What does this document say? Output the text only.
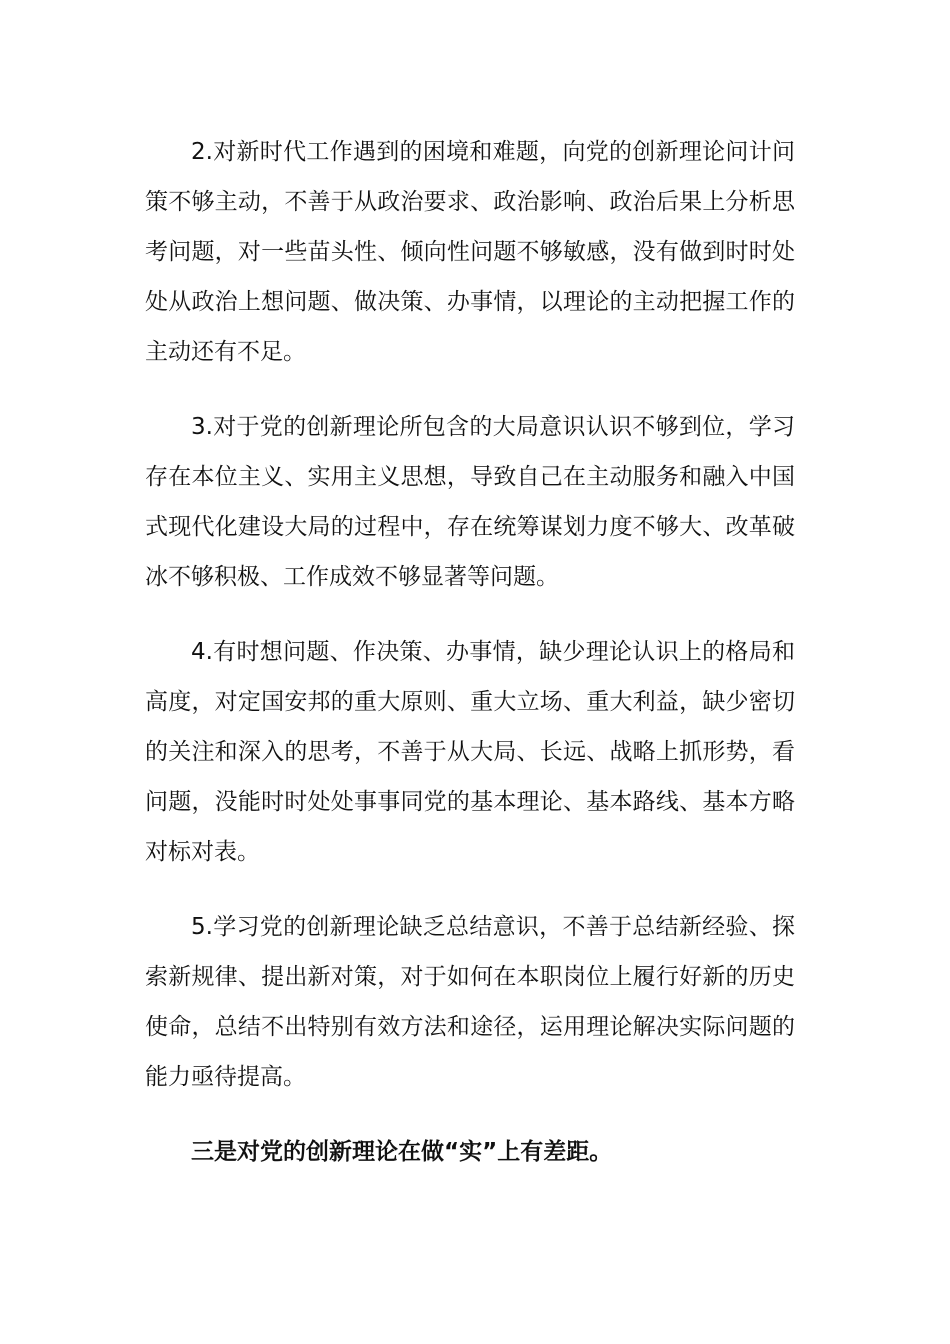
2.对新时代工作遇到的困境和难题，向党的创新理论问计问策不够主动，不善于从政治要求、政治影响、政治后果上分析思考问题，对一些苗头性、倾向性问题不够敏感，没有做到时时处处从政治上想问题、做决策、办事情，以理论的主动把握工作的主动还有不足。

3.对于党的创新理论所包含的大局意识认识不够到位，学习存在本位主义、实用主义思想，导致自己在主动服务和融入中国式现代化建设大局的过程中，存在统筹谋划力度不够大、改革破冰不够积极、工作成效不够显著等问题。

4.有时想问题、作决策、办事情，缺少理论认识上的格局和高度，对定国安邦的重大原则、重大立场、重大利益，缺少密切的关注和深入的思考，不善于从大局、长远、战略上抓形势，看问题，没能时时处处事事同党的基本理论、基本路线、基本方略对标对表。

5.学习党的创新理论缺乏总结意识，不善于总结新经验、探索新规律、提出新对策，对于如何在本职岗位上履行好新的历史使命，总结不出特别有效方法和途径，运用理论解决实际问题的能力亟待提高。

三是对党的创新理论在做“实”上有差距。
